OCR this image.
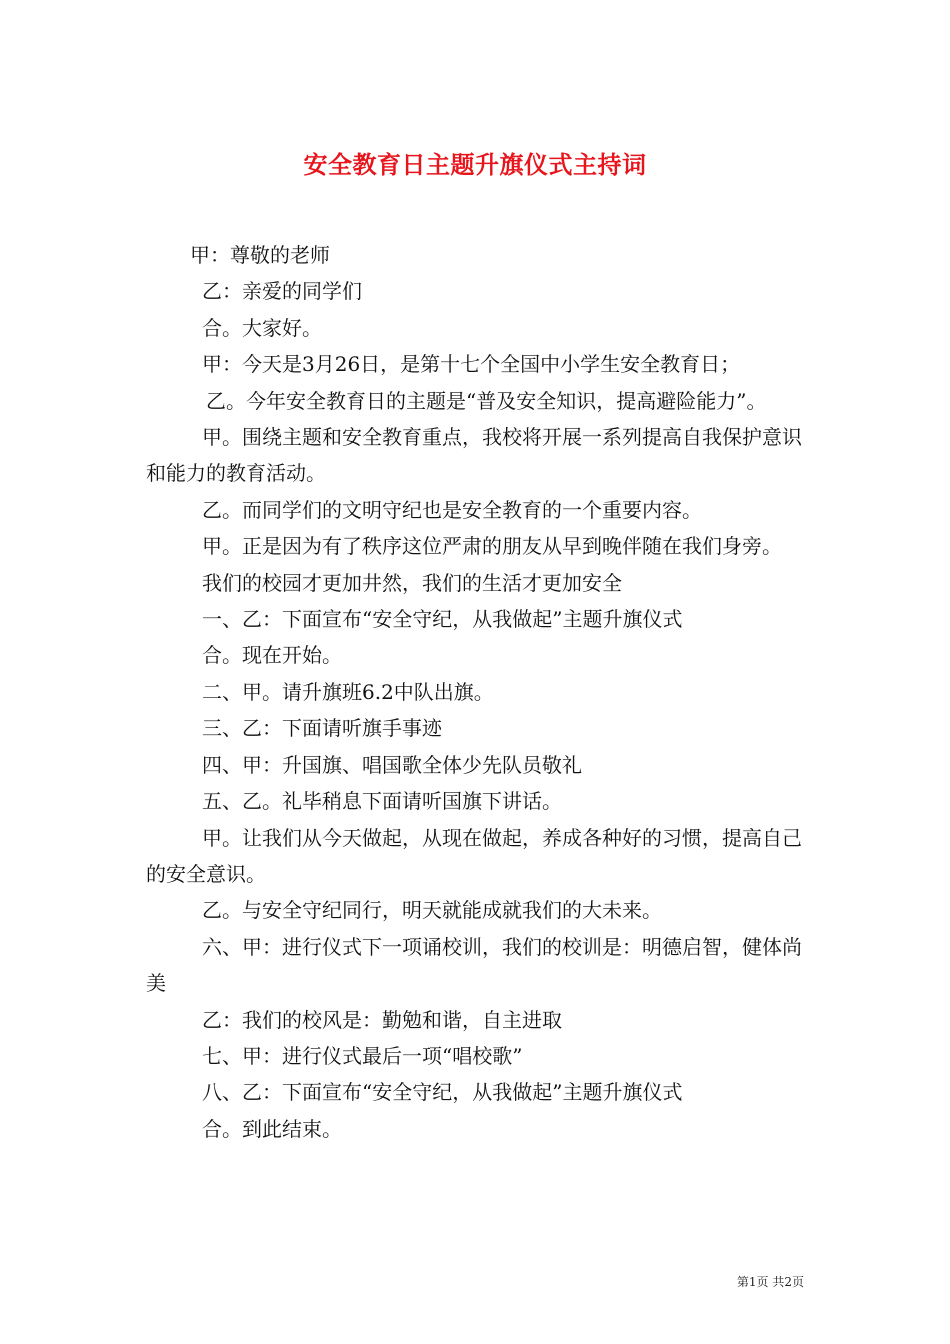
安全教育日主题升旗仪式主持词

甲：尊敬的老师

乙：亲爱的同学们

合。大家好。

甲：今天是3月26日，是第十七个全国中小学生安全教育日；

乙。今年安全教育日的主题是“普及安全知识，提高避险能力”。

甲。围绕主题和安全教育重点，我校将开展一系列提高自我保护意识和能力的教育活动。

乙。而同学们的文明守纪也是安全教育的一个重要内容。

甲。正是因为有了秩序这位严肃的朋友从早到晚伴随在我们身旁。

我们的校园才更加井然，我们的生活才更加安全

一、乙：下面宣布“安全守纪，从我做起”主题升旗仪式

合。现在开始。

二、甲。请升旗班6.2中队出旗。

三、乙：下面请听旗手事迹

四、甲：升国旗、唱国歌全体少先队员敬礼

五、乙。礼毕稍息下面请听国旗下讲话。

甲。让我们从今天做起，从现在做起，养成各种好的习惯，提高自己的安全意识。

乙。与安全守纪同行，明天就能成就我们的大未来。

六、甲：进行仪式下一项诵校训，我们的校训是：明德启智，健体尚美

乙：我们的校风是：勤勉和谐，自主进取

七、甲：进行仪式最后一项“唱校歌”

八、乙：下面宣布“安全守纪，从我做起”主题升旗仪式

合。到此结束。

第1页 共2页
